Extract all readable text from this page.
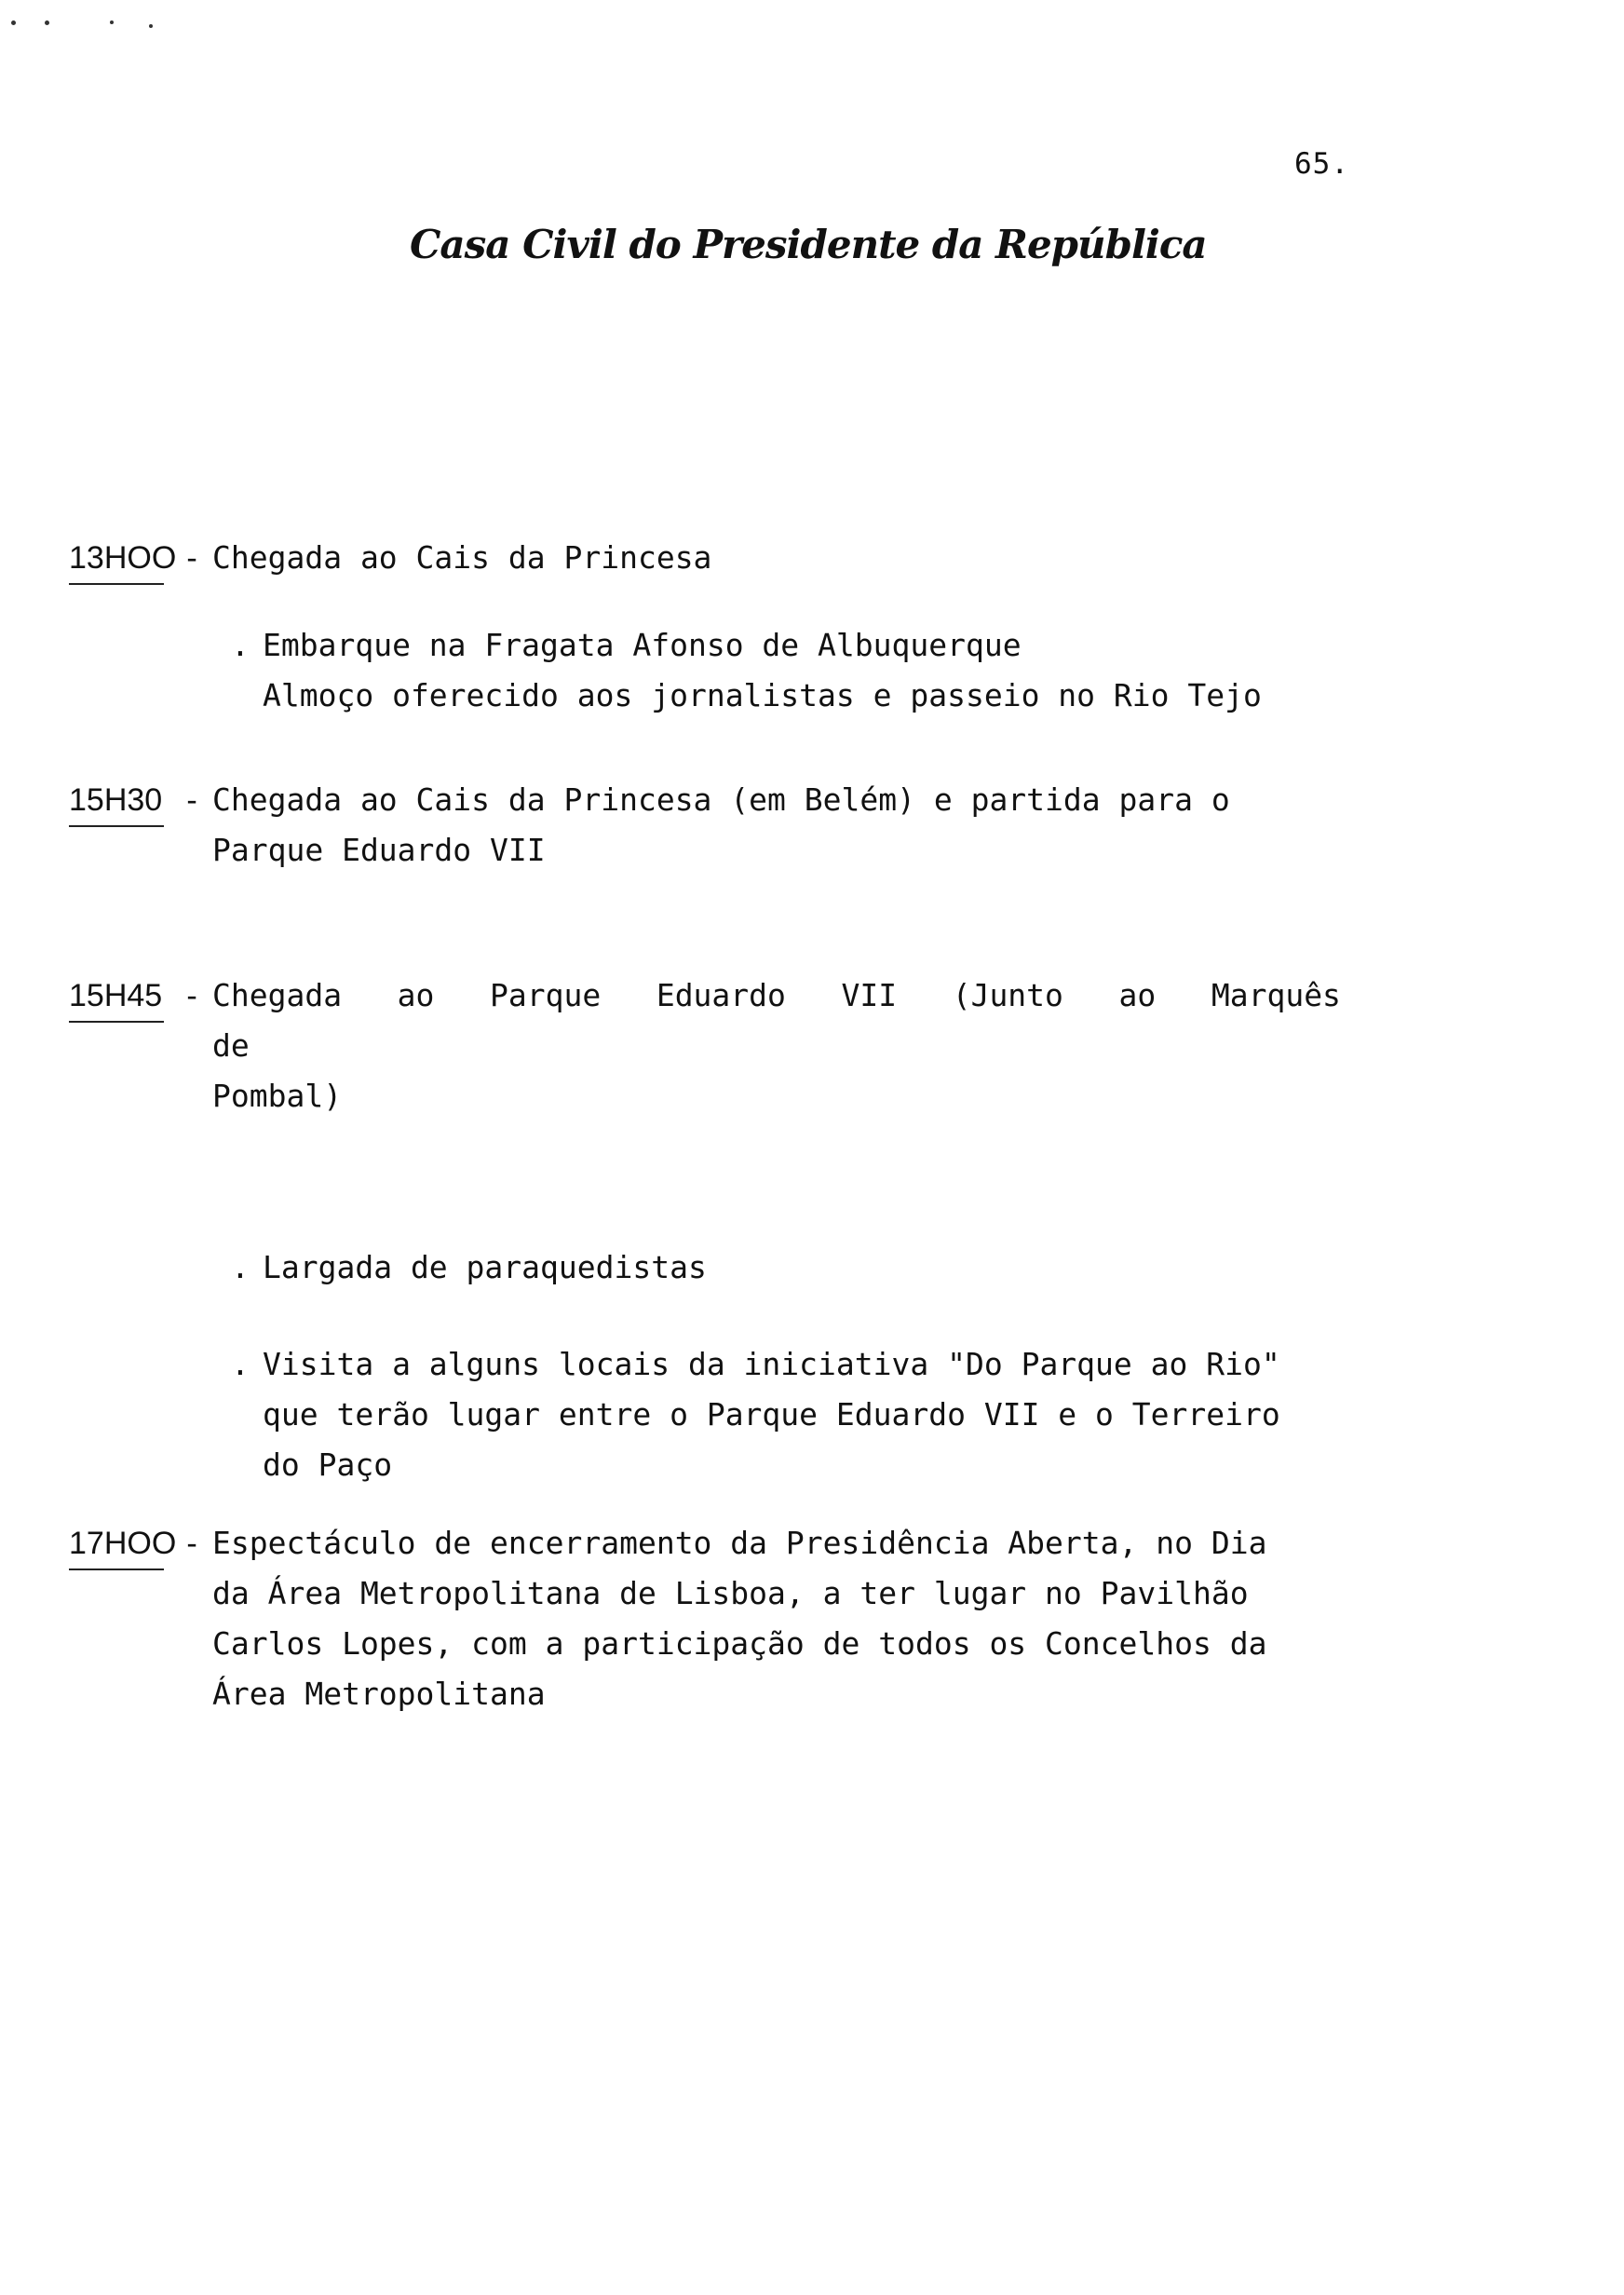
65.
Casa Civil do Presidente da República
13HOO - Chegada ao Cais da Princesa
. Embarque na Fragata Afonso de Albuquerque
Almoço oferecido aos jornalistas e passeio no Rio Tejo
15H30 - Chegada ao Cais da Princesa (em Belém) e partida para o
Parque Eduardo VII
15H45 - Chegada   ao   Parque   Eduardo   VII   (Junto   ao   Marquês   de
Pombal)
. Largada de paraquedistas
. Visita a alguns locais da iniciativa "Do Parque ao Rio"
que terão lugar entre o Parque Eduardo VII e o Terreiro
do Paço
17HOO - Espectáculo de encerramento da Presidência Aberta, no Dia
da Área Metropolitana de Lisboa, a ter lugar no Pavilhão
Carlos Lopes, com a participação de todos os Concelhos da
Área Metropolitana
